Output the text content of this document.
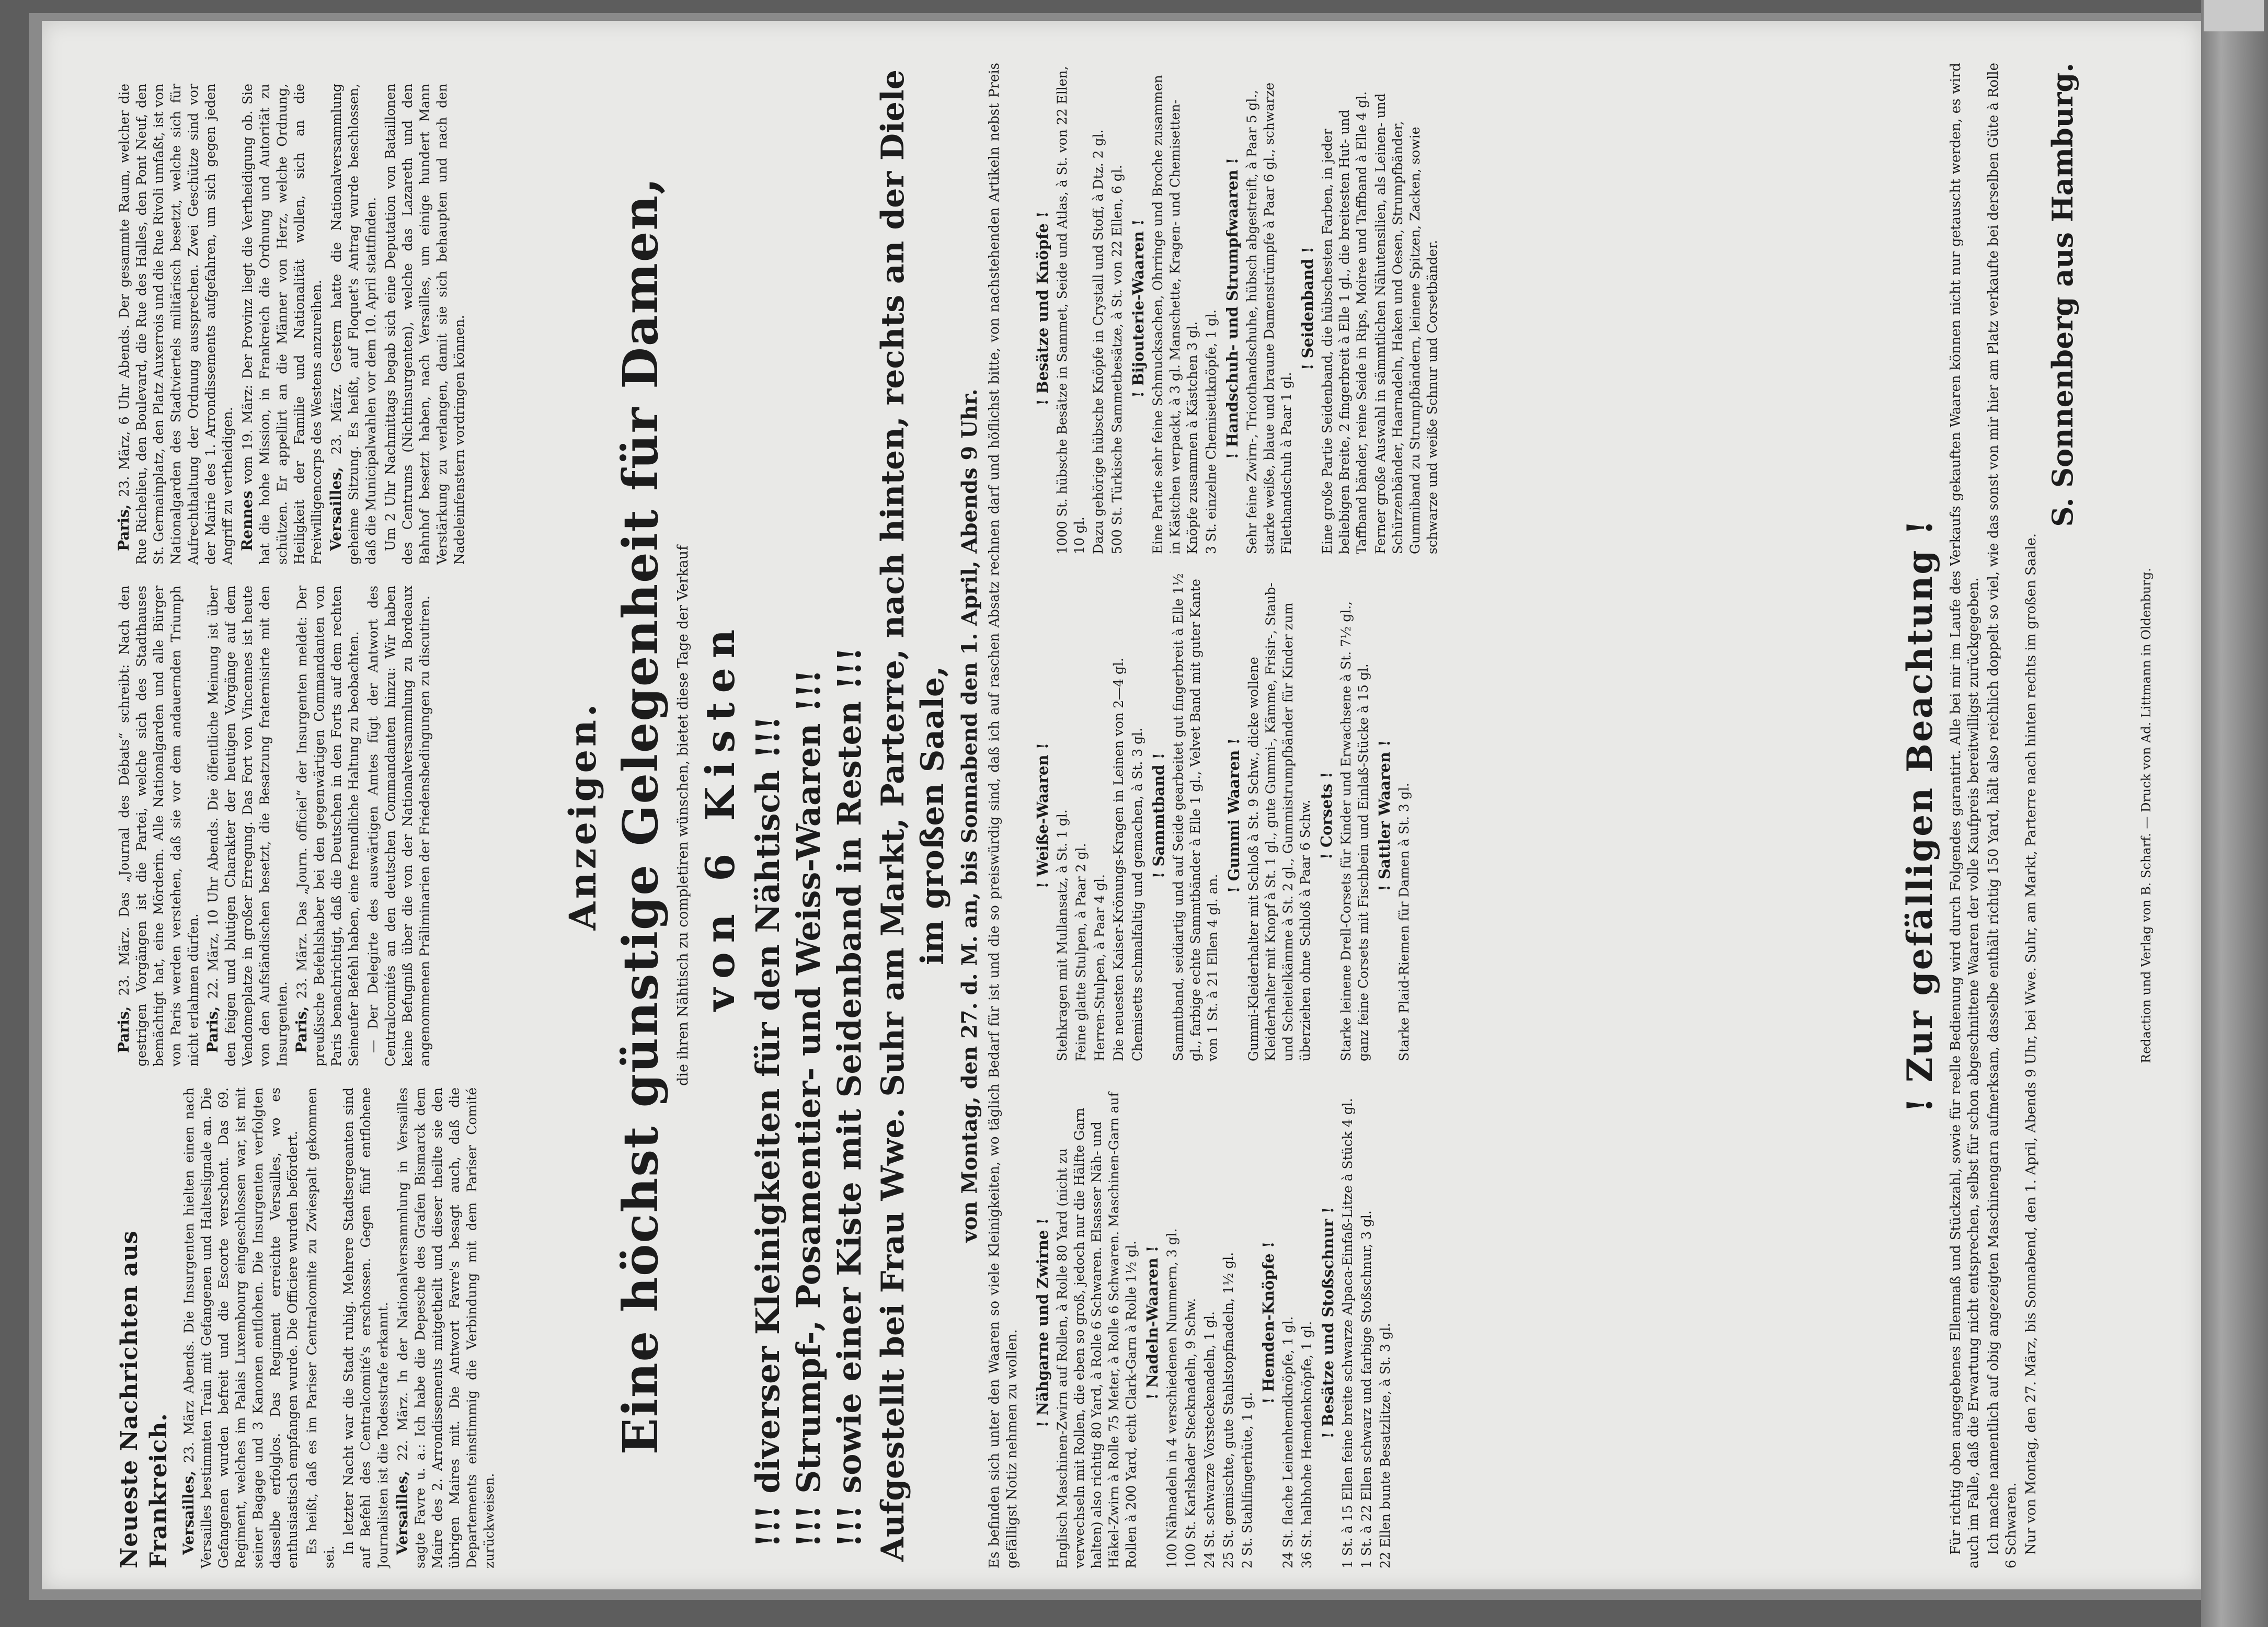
Neueste Nachrichten aus Frankreich. Versailles, 23. März Abends. Die Insurgenten hielten einen nach Versailles bestimmten Train mit Gefangenen und Halteslignale an. Die Gefangenen wurden befreit und die Escorte verschont. Das 69. Regiment, welches im Palais Luxembourg eingeschlossen war, ist mit seiner Bagage und 3 Kanonen entflohen. Die Insurgenten verfolgten dasselbe erfolglos. Das Regiment erreichte Versailles, wo es enthusiastisch empfangen wurde. Die Officiere wurden befördert. Es heißt, daß es im Pariser Centralcomite zu Zwiespalt gekommen sei.

In letzter Nacht war die Stadt ruhig. Mehrere Stadtsergeanten sind auf Befehl des Centralcomité's erschossen. Gegen fünf entflohene Journalisten ist die Todesstrafe erkannt. Versailles, 22. März. In der Nationalversammlung in Versailles sagte Favre u. a.: Ich habe die Depesche des Grafen Bismarck dem Maire des 2. Arrondissements mitgetheilt und dieser theilte sie den übrigen Maires mit. Die Antwort Favre's besagt auch, daß die Departements einstimmig die Verbindung mit dem Pariser Comité zurückweisen.

Paris, 23. März. Das „Journal des Débats“ schreibt: Nach den gestrigen Vorgängen ist die Partei, welche sich des Stadthauses bemächtigt hat, eine Mörderin. Alle Nationalgarden und alle Bürger von Paris werden verstehen, daß sie vor dem andauernden Triumph nicht erlahmen dürfen. Paris, 22. März, 10 Uhr Abends. Die öffentliche Meinung ist über den feigen und blutigen Charakter der heutigen Vorgänge auf dem Vendomeplatze in großer Erregung. Das Fort von Vincennes ist heute von den Aufständischen besetzt, die Besatzung fraternisirte mit den Insurgenten. Paris, 23. März. Das „Journ. officiel“ der Insurgenten meldet: Der preußische Befehlshaber bei den gegenwärtigen Commandanten von Paris benachrichtigt, daß die Deutschen in den Forts auf dem rechten Seineufer Befehl haben, eine freundliche Haltung zu beobachten. — Der Delegirte des auswärtigen Amtes fügt der Antwort des Centralcomités an den deutschen Commandanten hinzu: Wir haben keine Befugniß über die von der Nationalversammlung zu Bordeaux angenommenen Präliminarien der Friedensbedingungen zu discutiren.

Paris, 23. März, 6 Uhr Abends. Der gesammte Raum, welcher die Rue Richelieu, den Boulevard, die Rue des Halles, den Pont Neuf, den St. Germainplatz, den Platz Auxerrois und die Rue Rivoli umfaßt, ist von Nationalgarden des Stadtviertels militärisch besetzt, welche sich für Aufrechthaltung der Ordnung aussprechen. Zwei Geschütze sind vor der Mairie des 1. Arrondissements aufgefahren, um sich gegen jeden Angriff zu vertheidigen. Rennes vom 19. März: Der Provinz liegt die Vertheidigung ob. Sie hat die hohe Mission, in Frankreich die Ordnung und Autorität zu schützen. Er appellirt an die Männer von Herz, welche Ordnung, Heiligkeit der Familie und Nationalität wollen, sich an die Freiwilligencorps des Westens anzureihen. Versailles, 23. März. Gestern hatte die Nationalversammlung geheime Sitzung. Es heißt, auf Floquet's Antrag wurde beschlossen, daß die Municipalwahlen vor dem 10. April stattfinden. Um 2 Uhr Nachmittags begab sich eine Deputation von Bataillonen des Centrums (Nichtinsurgenten), welche das Lazareth und den Bahnhof besetzt haben, nach Versailles, um einige hundert Mann Verstärkung zu verlangen, damit sie sich behaupten und nach den Nadeleinfenstern vordringen können.

Anzeigen. Eine höchst günstige Gelegenheit für Damen, die ihren Nähtisch zu completiren wünschen, bietet diese Tage der Verkauf von 6 Kisten !!! diverser Kleinigkeiten für den Nähtisch !!! !!! Strumpf-, Posamentier- und Weiss-Waaren !!! !!! sowie einer Kiste mit Seidenband in Resten !!! Aufgestellt bei Frau Wwe. Suhr am Markt, Parterre, nach hinten, rechts an der Diele im großen Saale, von Montag, den 27. d. M. an, bis Sonnabend den 1. April, Abends 9 Uhr. Es befinden sich unter den Waaren so viele Kleinigkeiten, wo täglich Bedarf für ist und die so preiswürdig sind, daß ich auf raschen Absatz rechnen darf und höflichst bitte, von nachstehenden Artikeln nebst Preis gefälligst Notiz nehmen zu wollen.
! Nähgarne und Zwirne ! Englisch Maschinen-Zwirn auf Rollen, à Rolle 80 Yard (nicht zu verwechseln mit Rollen, die eben so groß, jedoch nur die Hälfte Garn halten) also richtig 80 Yard, à Rolle 6 Schwaren. Elsasser Näh- und Häkel-Zwirn à Rolle 75 Meter, à Rolle 6 Schwaren. Maschinen-Garn auf Rollen à 200 Yard, echt Clark-Garn à Rolle 1½ gl. ! Nadeln-Waaren ! 100 Nähnadeln in 4 verschiedenen Nummern, 3 gl. 100 St. Karlsbader Stecknadeln, 9 Schw. 24 St. schwarze Vorsteckenadeln, 1 gl. 25 St. gemischte, gute Stahlstopfnadeln, 1½ gl. 2 St. Stahlfingerhüte, 1 gl.

! Hemden-Knöpfe ! 24 St. flache Leinenhemdknöpfe, 1 gl. 36 St. halbhohe Hemdenknöpfe, 1 gl. ! Besätze und Stoßschnur ! 1 St. à 15 Ellen feine breite schwarze Alpaca-Einfaß-Litze à Stück 4 gl. 1 St. à 22 Ellen schwarz und farbige Stoßschnur, 3 gl. 22 Ellen bunte Besatzlitze, à St. 3 gl.

! Weiße-Waaren ! Stehkragen mit Mullansatz, à St. 1 gl. Feine glatte Stulpen, à Paar 2 gl. Herren-Stulpen, à Paar 4 gl. Die neuesten Kaiser-Krönungs-Kragen in Leinen von 2—4 gl. Chemisetts schmalfaltig und gemachen, à St. 3 gl. ! Sammtband ! Sammtband, seidiartig und auf Seide gearbeitet gut fingerbreit à Elle 1½ gl., farbige echte Sammtbänder à Elle 1 gl., Velvet Band mit guter Kante von 1 St. à 21 Ellen 4 gl. an.

! Gummi Waaren ! Gummi-Kleiderhalter mit Schloß à St. 9 Schw., dicke wollene Kleiderhalter mit Knopf à St. 1 gl., gute Gummi-, Kämme, Frisir-, Staub- und Scheitelkämme à St. 2 gl., Gummistrumpfbänder für Kinder zum überziehen ohne Schloß à Paar 6 Schw. ! Corsets ! Starke leinene Drell-Corsets für Kinder und Erwachsene à St. 7½ gl., ganz feine Corsets mit Fischbein und Einlaß-Stücke à 15 gl. ! Sattler Waaren ! Starke Plaid-Riemen für Damen à St. 3 gl.

! Besätze und Knöpfe ! 1000 St. hübsche Besätze in Sammet, Seide und Atlas, à St. von 22 Ellen, 10 gl. Dazu gehörige hübsche Knöpfe in Crystall und Stoff, à Dtz. 2 gl. 500 St. Türkische Sammetbesätze, à St. von 22 Ellen, 6 gl. ! Bijouterie-Waaren ! Eine Partie sehr feine Schmucksachen, Ohrringe und Broche zusammen in Kästchen verpackt, à 3 gl. Manschette, Kragen- und Chemisetten-Knöpfe zusammen à Kästchen 3 gl. 3 St. einzelne Chemisettknöpfe, 1 gl. ! Handschuh- und Strumpfwaaren ! Sehr feine Zwirn-, Tricothandschuhe, hübsch abgestreift, à Paar 5 gl., starke weiße, blaue und braune Damenstrümpfe à Paar 6 gl., schwarze Filethandschuh à Paar 1 gl.

! Seidenband ! Eine große Partie Seidenband, die hübschesten Farben, in jeder beliebigen Breite, 2 fingerbreit à Elle 1 gl., die breitesten Hut- und Taffband bänder, reine Seide in Rips, Moiree und Taffband à Elle 4 gl. Ferner große Auswahl in sämmtlichen Nähutensilien, als Leinen- und Schürzenbänder, Haarnadeln, Haken und Oesen, Strumpfbänder, Gummiband zu Strumpfbändern, leinene Spitzen, Zacken, sowie schwarze und weiße Schnur und Corsetbänder.

! Zur gefälligen Beachtung ! Für richtig oben angegebenes Ellenmaß und Stückzahl, sowie für reelle Bedienung wird durch Folgendes garantirt. Alle bei mir im Laufe des Verkaufs gekauften Waaren können nicht nur getauscht werden, es wird auch im Falle, daß die Erwartung nicht entsprechen, selbst für schon abgeschnittene Waaren der volle Kaufpreis bereitwilligst zurückgegeben. Ich mache namentlich auf obig angezeigten Maschinengarn aufmerksam, dasselbe enthält richtig 150 Yard, hält also reichlich doppelt so viel, wie das sonst von mir hier am Platz verkaufte bei derselben Güte à Rolle 6 Schwaren. Nur von Montag, den 27. März, bis Sonnabend, den 1. April, Abends 9 Uhr, bei Wwe. Suhr, am Markt, Parterre nach hinten rechts im großen Saale.

S. Sonnenberg aus Hamburg.
Redaction und Verlag von B. Scharf. — Druck von Ad. Littmann in Oldenburg.
